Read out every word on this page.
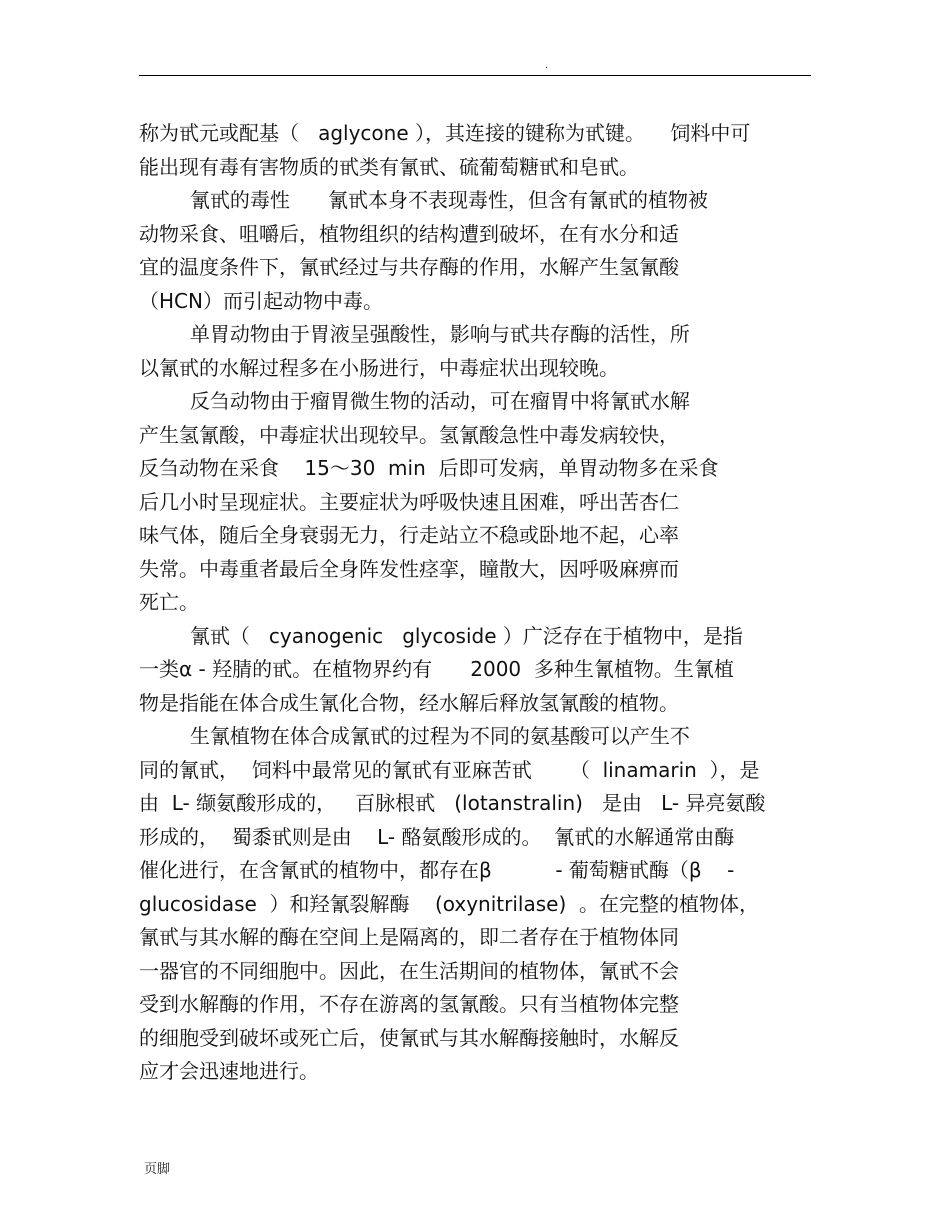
.
称为甙元或配基（   aglycone ），其连接的键称为甙键。    饲料中可
能出现有毒有害物质的甙类有氰甙、硫葡萄糖甙和皂甙。
氰甙的毒性      氰甙本身不表现毒性，但含有氰甙的植物被
动物采食、咀嚼后，植物组织的结构遭到破坏，在有水分和适
宜的温度条件下，氰甙经过与共存酶的作用，水解产生氢氰酸
（HCN）而引起动物中毒。
单胃动物由于胃液呈强酸性，影响与甙共存酶的活性，所
以氰甙的水解过程多在小肠进行，中毒症状出现较晚。
反刍动物由于瘤胃微生物的活动，可在瘤胃中将氰甙水解
产生氢氰酸，中毒症状出现较早。氢氰酸急性中毒发病较快，
反刍动物在采食    15～30  min  后即可发病，单胃动物多在采食
后几小时呈现症状。主要症状为呼吸快速且困难，呼出苦杏仁
味气体，随后全身衰弱无力，行走站立不稳或卧地不起，心率
失常。中毒重者最后全身阵发性痉挛，瞳散大，因呼吸麻痹而
死亡。
氰甙（   cyanogenic   glycoside ）广泛存在于植物中，是指
一类α - 羟腈的甙。在植物界约有      2000  多种生氰植物。生氰植
物是指能在体合成生氰化合物，经水解后释放氢氰酸的植物。
生氰植物在体合成氰甙的过程为不同的氨基酸可以产生不
同的氰甙，  饲料中最常见的氰甙有亚麻苦甙      （  linamarin  ），是
由  L- 缬氨酸形成的，   百脉根甙   (lotanstralin)   是由   L- 异亮氨酸
形成的，  蜀黍甙则是由    L- 酪氨酸形成的。  氰甙的水解通常由酶
催化进行，在含氰甙的植物中，都存在β          - 葡萄糖甙酶（β    -
glucosidase  ）和羟氰裂解酶    (oxynitrilase)  。在完整的植物体，
氰甙与其水解的酶在空间上是隔离的，即二者存在于植物体同
一器官的不同细胞中。因此，在生活期间的植物体，氰甙不会
受到水解酶的作用，不存在游离的氢氰酸。只有当植物体完整
的细胞受到破坏或死亡后，使氰甙与其水解酶接触时，水解反
应才会迅速地进行。
页脚
